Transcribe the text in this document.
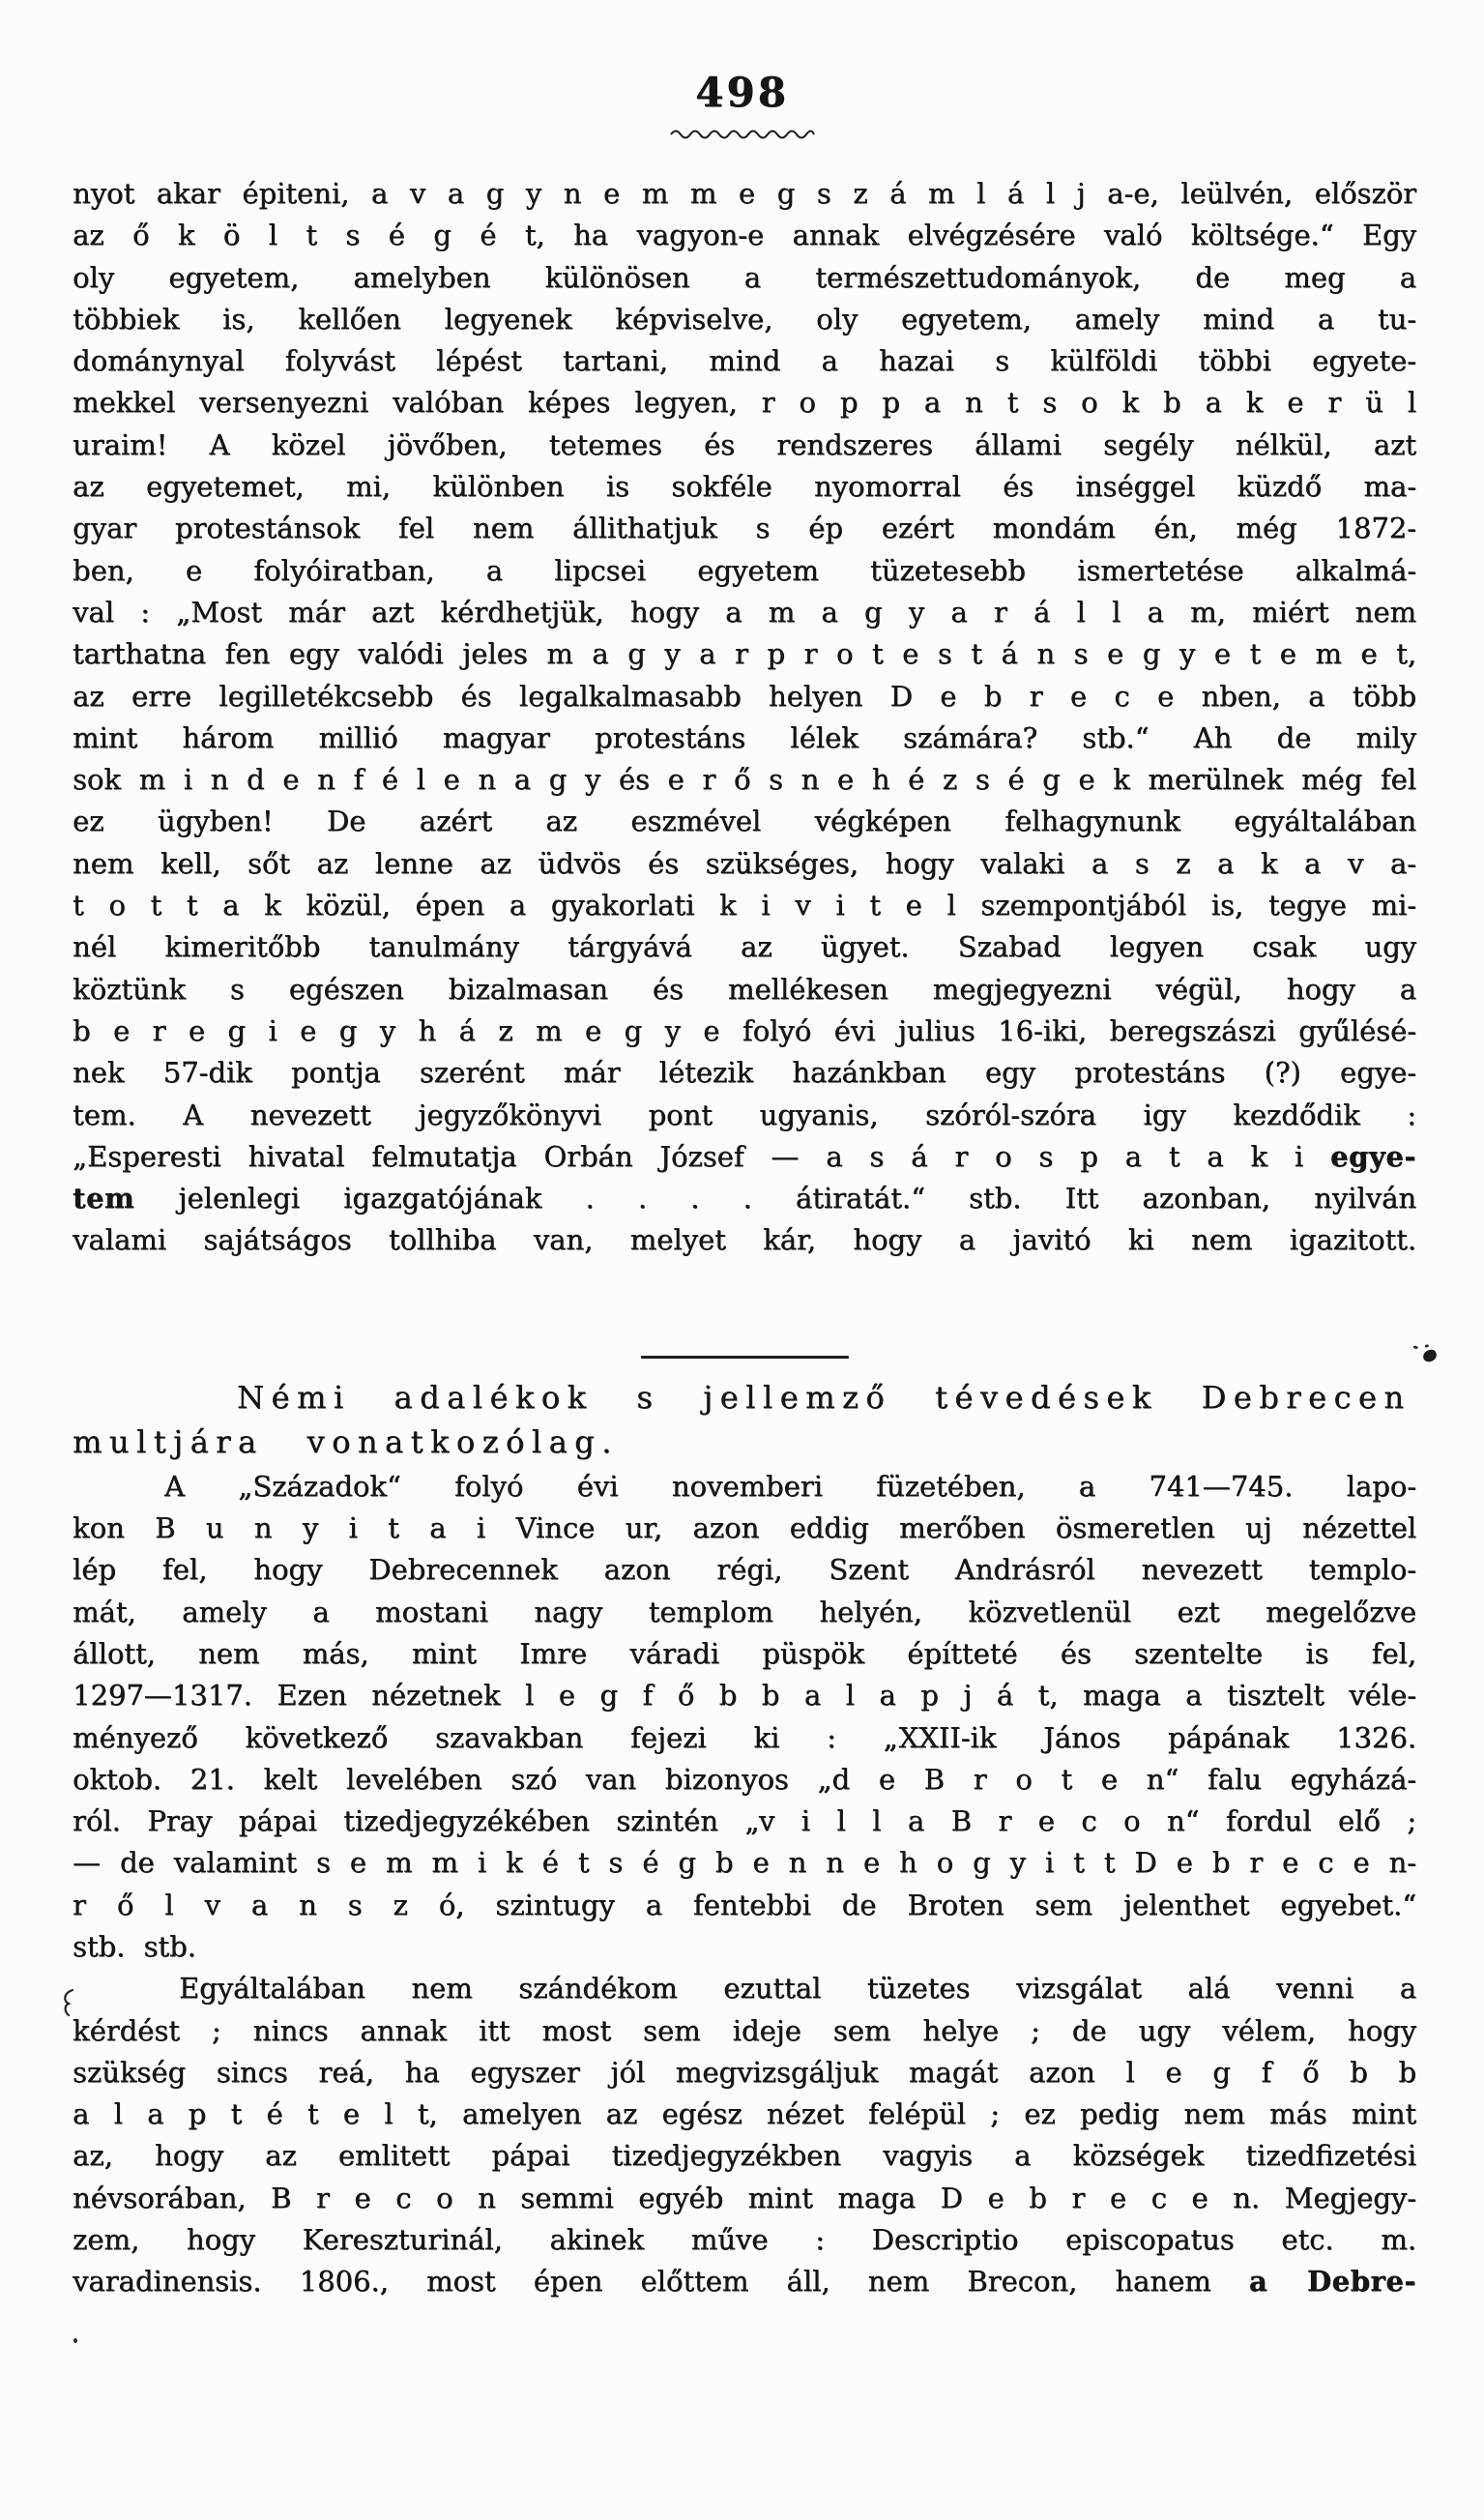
498
nyot akar épiteni, a v a g y n e m m e g s z á m l á l j a-e, leülvén, először
az ő k ö l t s é g é t, ha vagyon-e annak elvégzésére való költsége.“ Egy
oly egyetem, amelyben különösen a természettudományok, de meg a
többiek is, kellően legyenek képviselve, oly egyetem, amely mind a tu-
dománynyal folyvást lépést tartani, mind a hazai s külföldi többi egyete-
mekkel versenyezni valóban képes legyen, r o p p a n t s o k b a k e r ü l
uraim! A közel jövőben, tetemes és rendszeres állami segély nélkül, azt
az egyetemet, mi, különben is sokféle nyomorral és inséggel küzdő ma-
gyar protestánsok fel nem állithatjuk s ép ezért mondám én, még 1872-
ben, e folyóiratban, a lipcsei egyetem tüzetesebb ismertetése alkalmá-
val : „Most már azt kérdhetjük, hogy a m a g y a r á l l a m, miért nem
tarthatna fen egy valódi jeles m a g y a r p r o t e s t á n s e g y e t e m e t,
az erre legilletékcsebb és legalkalmasabb helyen D e b r e c e nben, a több
mint három millió magyar protestáns lélek számára? stb.“ Ah de mily
sok m i n d e n f é l e n a g y és e r ő s n e h é z s é g e k merülnek még fel
ez ügyben! De azért az eszmével végképen felhagynunk egyáltalában
nem kell, sőt az lenne az üdvös és szükséges, hogy valaki a s z a k a v a-
t o t t a k közül, épen a gyakorlati k i v i t e l szempontjából is, tegye mi-
nél kimeritőbb tanulmány tárgyává az ügyet. Szabad legyen csak ugy
köztünk s egészen bizalmasan és mellékesen megjegyezni végül, hogy a
b e r e g i e g y h á z m e g y e folyó évi julius 16-iki, beregszászi gyűlésé-
nek 57-dik pontja szerént már létezik hazánkban egy protestáns (?) egye-
tem. A nevezett jegyzőkönyvi pont ugyanis, szóról-szóra igy kezdődik :
„Esperesti hivatal felmutatja Orbán József — a s á r o s p a t a k i egye-
tem jelenlegi igazgatójának . . . . átiratát.“ stb. Itt azonban, nyilván
valami sajátságos tollhiba van, melyet kár, hogy a javitó ki nem igazitott.
Némi adalékok s jellemző tévedések Debrecen
multjára vonatkozólag.
A „Századok“ folyó évi novemberi füzetében, a 741—745. lapo-
kon B u n y i t a i Vince ur, azon eddig merőben ösmeretlen uj nézettel
lép fel, hogy Debrecennek azon régi, Szent Andrásról nevezett templo-
mát, amely a mostani nagy templom helyén, közvetlenül ezt megelőzve
állott, nem más, mint Imre váradi püspök építteté és szentelte is fel,
1297—1317. Ezen nézetnek l e g f ő b b a l a p j á t, maga a tisztelt véle-
ményező következő szavakban fejezi ki : „XXII-ik János pápának 1326.
oktob. 21. kelt levelében szó van bizonyos „d e B r o t e n“ falu egyházá-
ról. Pray pápai tizedjegyzékében szintén „v i l l a B r e c o n“ fordul elő ;
— de valamint s e m m i k é t s é g b e n n e h o g y i t t D e b r e c e n-
r ő l v a n s z ó, szintugy a fentebbi de Broten sem jelenthet egyebet.“
stb. stb.
Egyáltalában nem szándékom ezuttal tüzetes vizsgálat alá venni a
kérdést ; nincs annak itt most sem ideje sem helye ; de ugy vélem, hogy
szükség sincs reá, ha egyszer jól megvizsgáljuk magát azon l e g f ő b b
a l a p t é t e l t, amelyen az egész nézet felépül ; ez pedig nem más mint
az, hogy az emlitett pápai tizedjegyzékben vagyis a községek tizedfizetési
névsorában, B r e c o n semmi egyéb mint maga D e b r e c e n. Megjegy-
zem, hogy Kereszturinál, akinek műve : Descriptio episcopatus etc. m.
varadinensis. 1806., most épen előttem áll, nem Brecon, hanem a Debre-
